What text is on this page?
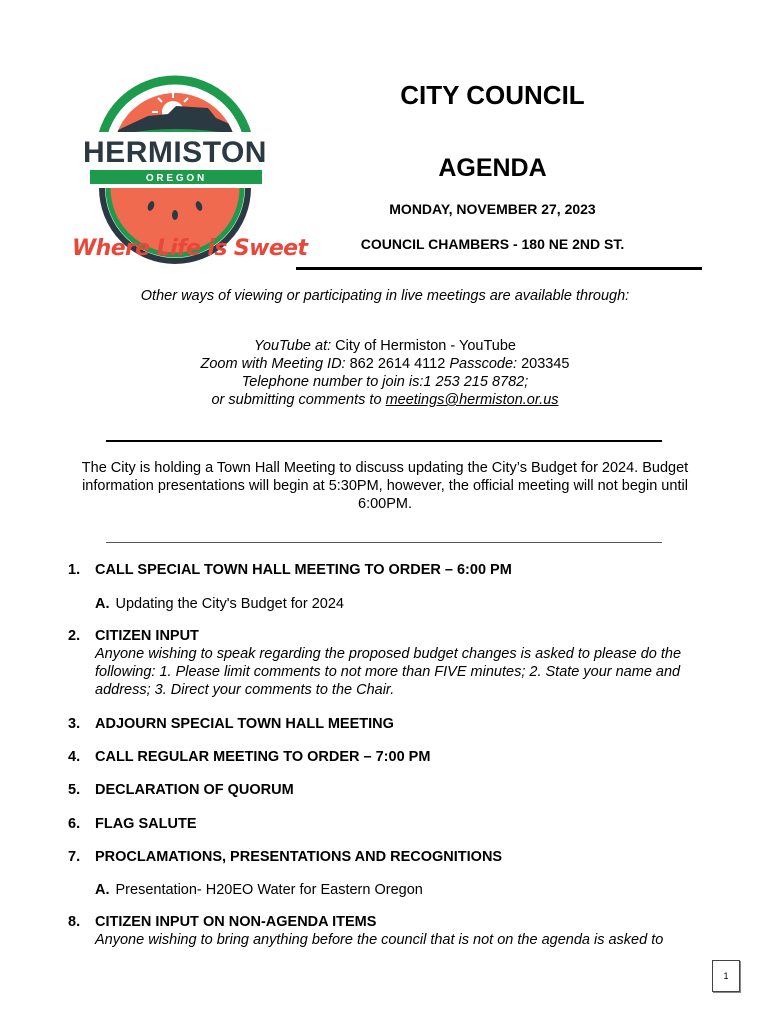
HERMISTON
O R E G O N
Where Life is Sweet
CITY COUNCIL
AGENDA
MONDAY, NOVEMBER 27, 2023
COUNCIL CHAMBERS - 180 NE 2ND ST.
Other ways of viewing or participating in live meetings are available through:
YouTube at: City of Hermiston - YouTube
Zoom with Meeting ID: 862 2614 4112 Passcode: 203345
Telephone number to join is:1 253 215 8782;
or submitting comments to meetings@hermiston.or.us
The City is holding a Town Hall Meeting to discuss updating the City’s Budget for 2024. Budget information presentations will begin at 5:30PM, however, the official meeting will not begin until 6:00PM.
1. CALL SPECIAL TOWN HALL MEETING TO ORDER – 6:00 PM
A. Updating the City's Budget for 2024
2. CITIZEN INPUT
Anyone wishing to speak regarding the proposed budget changes is asked to please do the following: 1. Please limit comments to not more than FIVE minutes; 2. State your name and address; 3. Direct your comments to the Chair.
3. ADJOURN SPECIAL TOWN HALL MEETING
4. CALL REGULAR MEETING TO ORDER – 7:00 PM
5. DECLARATION OF QUORUM
6. FLAG SALUTE
7. PROCLAMATIONS, PRESENTATIONS AND RECOGNITIONS
A. Presentation- H20EO Water for Eastern Oregon
8. CITIZEN INPUT ON NON-AGENDA ITEMS
Anyone wishing to bring anything before the council that is not on the agenda is asked to
1
